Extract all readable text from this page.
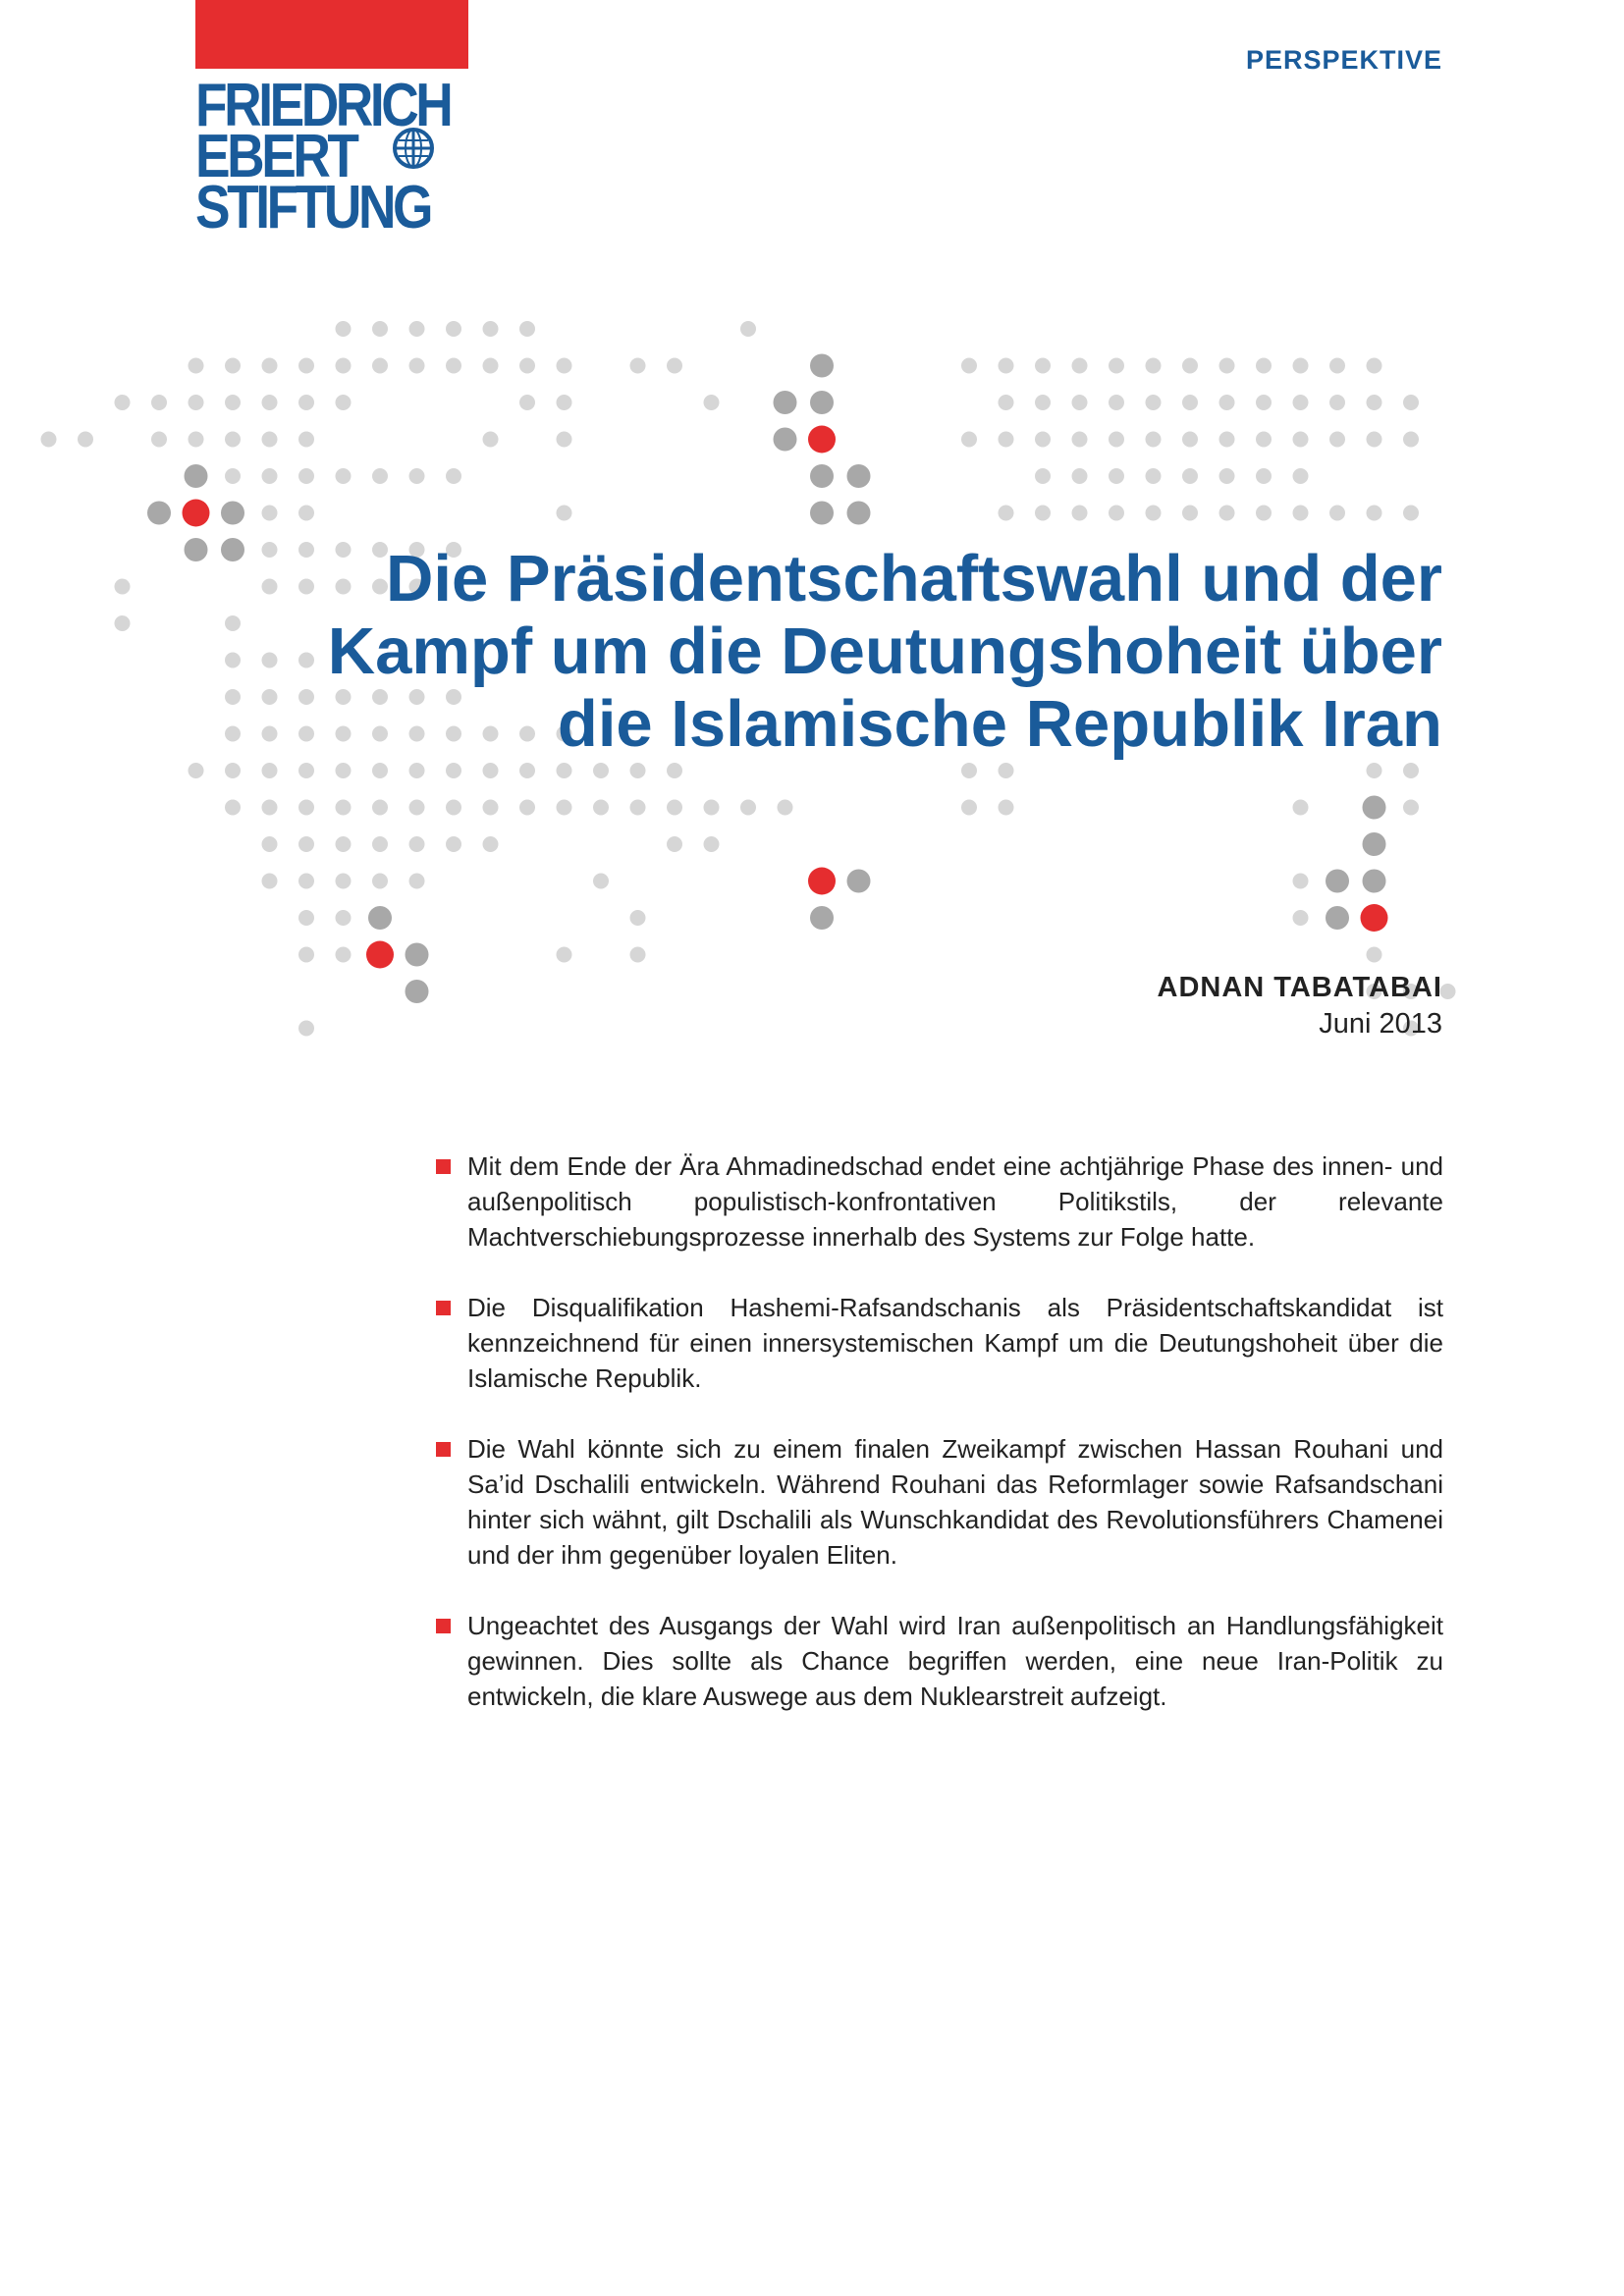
FRIEDRICH
EBERT
STIFTUNG
PERSPEKTIVE
Die Präsidentschaftswahl und der
Kampf um die Deutungshoheit über
die Islamische Republik Iran
ADNAN TABATABAI
Juni 2013
Mit dem Ende der Ära Ahmadinedschad endet eine achtjährige Phase des innen- und außenpolitisch populistisch-konfrontativen Politikstils, der relevante Machtverschiebungsprozesse innerhalb des Systems zur Folge hatte.
Die Disqualifikation Hashemi-Rafsandschanis als Präsidentschaftskandidat ist kennzeichnend für einen innersystemischen Kampf um die Deutungshoheit über die Islamische Republik.
Die Wahl könnte sich zu einem finalen Zweikampf zwischen Hassan Rouhani und Sa’id Dschalili entwickeln. Während Rouhani das Reformlager sowie Rafsandschani hinter sich wähnt, gilt Dschalili als Wunschkandidat des Revolutionsführers Chamenei und der ihm gegenüber loyalen Eliten.
Ungeachtet des Ausgangs der Wahl wird Iran außenpolitisch an Handlungsfähigkeit gewinnen. Dies sollte als Chance begriffen werden, eine neue Iran-Politik zu entwickeln, die klare Auswege aus dem Nuklearstreit aufzeigt.
